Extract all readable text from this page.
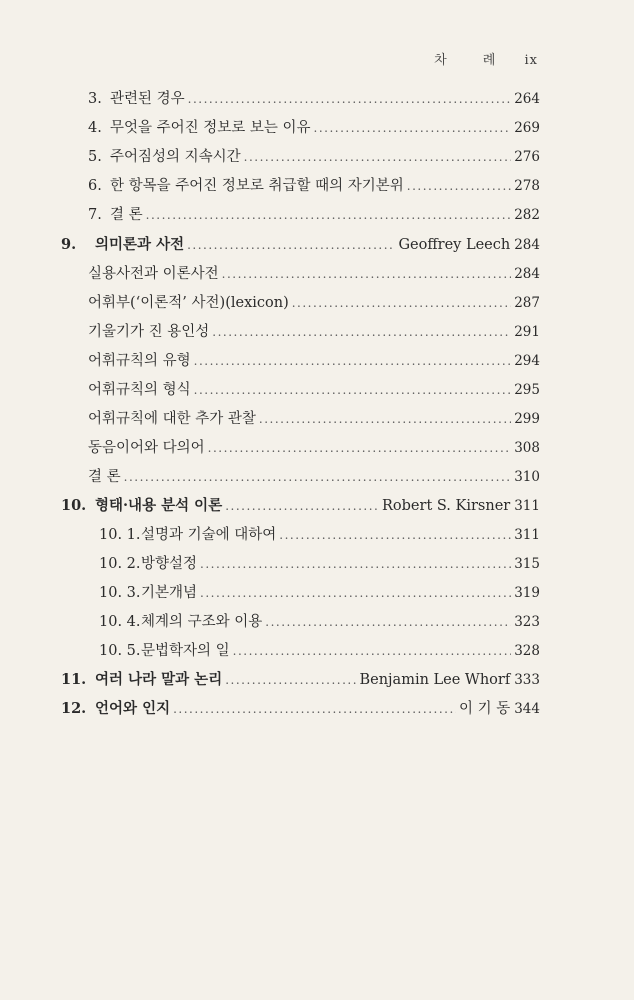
차 례 ix
3. 관련된 경우 .....	264
4. 무엇을 주어진 정보로 보는 이유 .....	269
5. 주어짐성의 지속시간 .....	276
6. 한 항목을 주어진 정보로 취급할 때의 자기본위 .....	278
7. 결 론 .....	282
9.	의미론과 사전 .....	Geoffrey Leech 284
실용사전과 이론사전 .....	284
어휘부(‘이론적’ 사전)(lexicon) .....	287
기울기가 진 용인성 .....	291
어휘규칙의 유형 .....	294
어휘규칙의 형식 .....	295
어휘규칙에 대한 추가 관찰 .....	299
동음이어와 다의어 .....	308
결 론 .....	310
10. 형태·내용 분석 이론 .....	Robert S. Kirsner 311
10. 1. 설명과 기술에 대하여 .....	311
10. 2. 방향설정 .....	315
10. 3. 기본개념 .....	319
10. 4. 체계의 구조와 이용 .....	323
10. 5. 문법학자의 일 .....	328
11. 여러 나라 말과 논리 .....	Benjamin Lee Whorf 333
12. 언어와 인지 .....	이 기 동 344
